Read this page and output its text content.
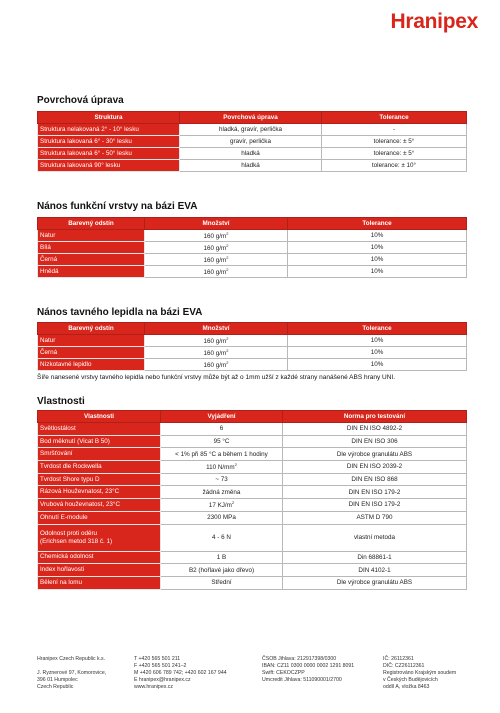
Hranipex
Povrchová úprava
Struktura	Povrchová úprava	Tolerance
Struktura nelakovaná 2° - 10° lesku	hladká, gravír, perlička	-
Struktura lakovaná 6° - 30° lesku	gravír, perlička	tolerance: ± 5°
Struktura lakovaná 6° - 50° lesku	hladká	tolerance: ± 5°
Struktura lakovaná 90° lesku	hladká	tolerance: ± 10°
Nános funkční vrstvy na bázi EVA
Barevný odstín	Množství	Tolerance
Natur	160 $g/m^2$	10%
Bílá	160 $g/m^2$	10%
Černá	160 $g/m^2$	10%
Hnědá	160 $g/m^2$	10%
Nános tavného lepidla na bázi EVA
Barevný odstín	Množství	Tolerance
Natur	160 $g/m^2$	10%
Černá	160 $g/m^2$	10%
Nízkotavné lepidlo	160 $g/m^2$	10%
Šíře nanesené vrstvy tavného lepidla nebo funkční vrstvy může být až o 1mm užší z každé strany nanášené ABS hrany UNI.
Vlastnosti
Vlastnosti	Vyjádření	Norma pro testování
Světlostálost	6	DIN EN ISO 4892-2
Bod měknutí (Vicat B 50)	95 °C	DIN EN ISO 306
Smršťování	< 1% při 85 °C a během 1 hodiny	Dle výrobce granulátu ABS
Tvrdost dle Rockwella	110 $N/mm^2$	DIN EN ISO 2039-2
Tvrdost Shore typu D	~ 73	DIN EN ISO 868
Rázová Houževnatost, 23°C	žádná změna	DIN EN ISO 179-2
Vrubová houževnatost, 23°C	17 $KJ/m^2$	DIN EN ISO 179-2
Ohnutí E-module	2300 MPa	ASTM D 790
Odolnost proti oděru
(Erichsen metod 318 č. 1)	4 - 6 N	vlastní metoda
Chemická odolnost	1 B	Din 68861-1
Index hořlavosti	B2 (hořlavé jako dřevo)	DIN 4102-1
Bělení na lomu	Střední	Dle výrobce granulátu ABS
Hranipex Czech Republic k.s.

J. Ryznerové 97, Komorovice,
396 01 Humpolec
Czech Republic
T +420 565 501 211
F +420 565 501 241–2
M +420 606 789 742; +420 602 167 944
E hranipex@hranipex.cz
www.hranipex.cz
ČSOB Jihlava: 212917398/0300
IBAN: CZ11 0300 0000 0002 1291 8091
Swift: CEKOCZPP
Umcredit Jihlava: 511090001/2700
IČ: 26112361
DIČ: CZ26112361
Registrováno Krajským soudem
v Českých Budějovicích
oddíl A, vložka 8463
